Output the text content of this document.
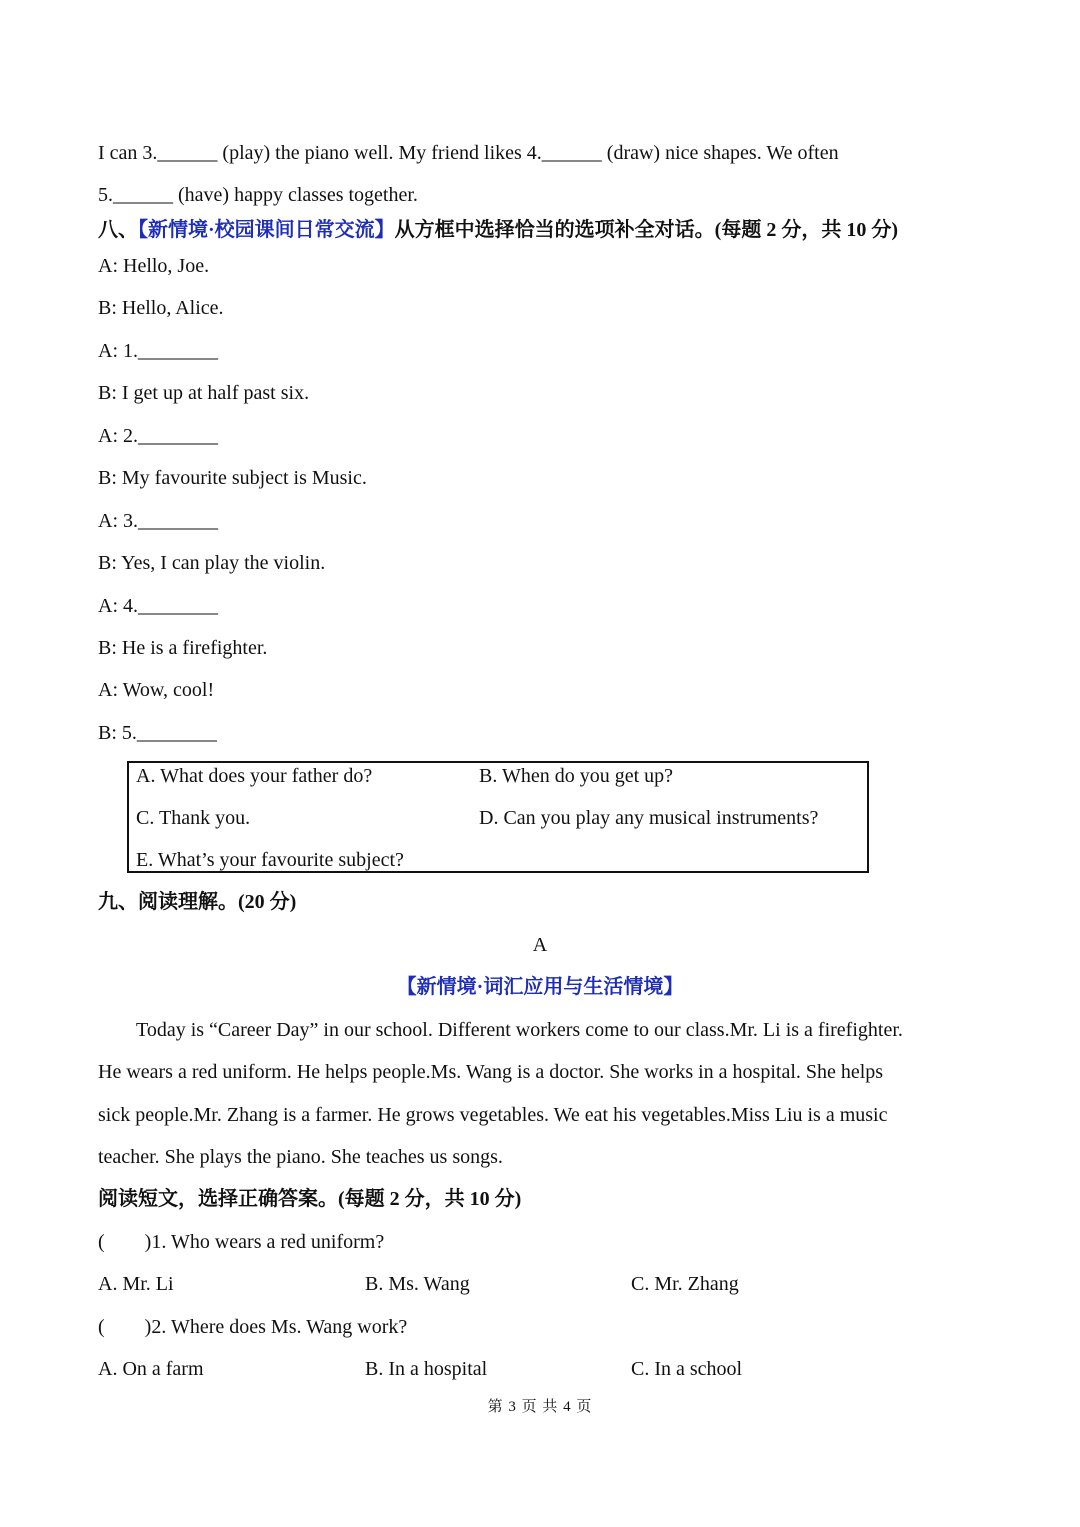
I can 3.______ (play) the piano well. My friend likes 4.______ (draw) nice shapes. We often
5.______ (have) happy classes together.
八、【新情境·校园课间日常交流】从方框中选择恰当的选项补全对话。(每题 2 分，共 10 分)
A: Hello, Joe.
B: Hello, Alice.
A: 1.________
B: I get up at half past six.
A: 2.________
B: My favourite subject is Music.
A: 3.________
B: Yes, I can play the violin.
A: 4.________
B: He is a firefighter.
A: Wow, cool!
B: 5.________
A. What does your father do?	B. When do you get up?
C. Thank you.	D. Can you play any musical instruments?
E. What’s your favourite subject?
九、阅读理解。(20 分)
A
【新情境·词汇应用与生活情境】
Today is “Career Day” in our school. Different workers come to our class.Mr. Li is a firefighter.
He wears a red uniform. He helps people.Ms. Wang is a doctor. She works in a hospital. She helps
sick people.Mr. Zhang is a farmer. He grows vegetables. We eat his vegetables.Miss Liu is a music
teacher. She plays the piano. She teaches us songs.
阅读短文，选择正确答案。(每题 2 分，共 10 分)
(        )1. Who wears a red uniform?
A. Mr. Li	B. Ms. Wang	C. Mr. Zhang
(        )2. Where does Ms. Wang work?
A. On a farm	B. In a hospital	C. In a school
第 3 页 共 4 页
